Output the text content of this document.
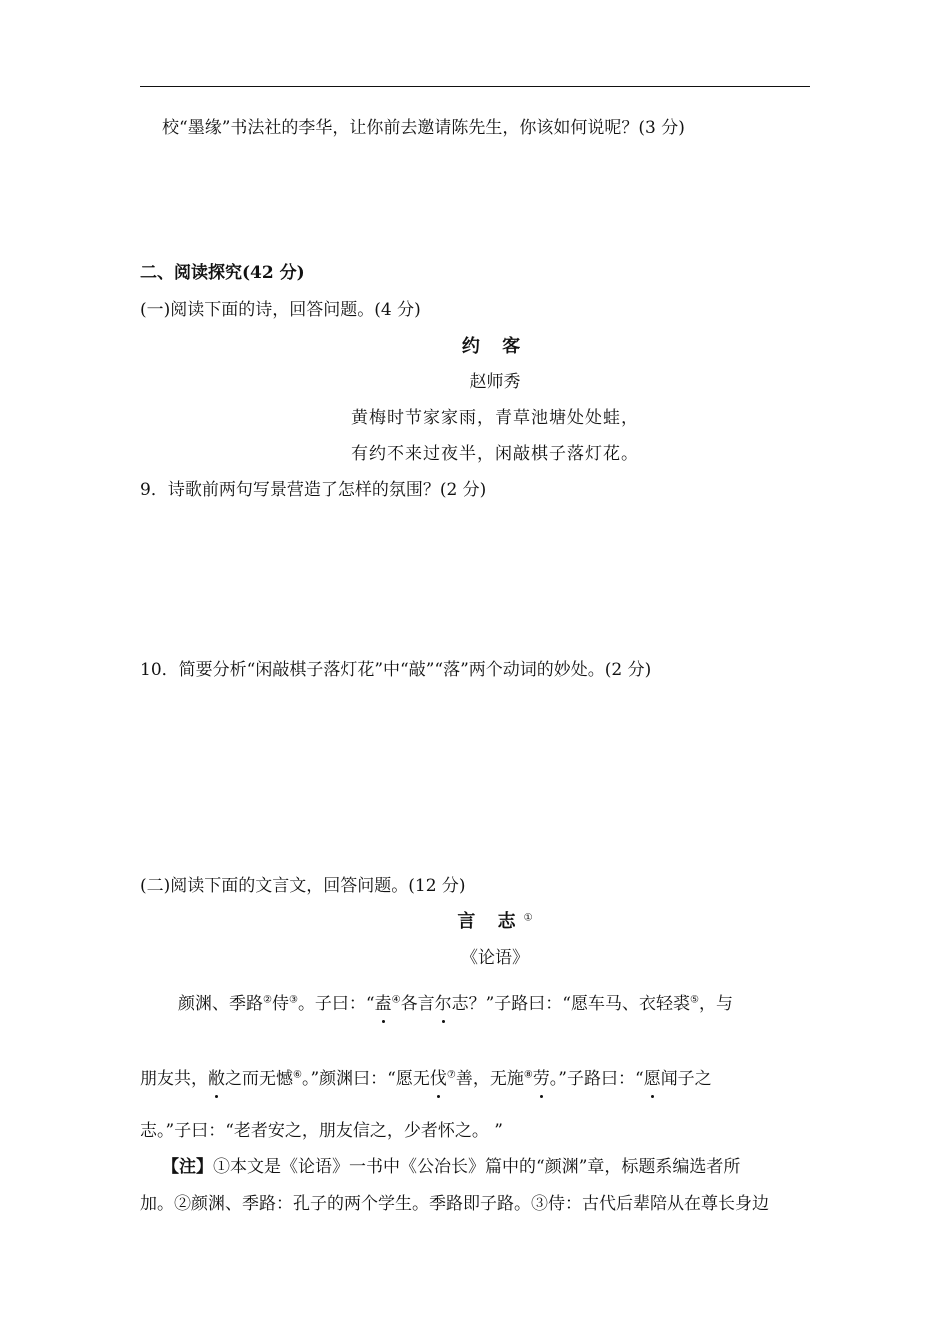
校“墨缘”书法社的李华，让你前去邀请陈先生，你该如何说呢？(3 分)
二、阅读探究(42 分)
(一)阅读下面的诗，回答问题。(4 分)
约 客
赵师秀
黄梅时节家家雨，青草池塘处处蛙，
有约不来过夜半，闲敲棋子落灯花。
9．诗歌前两句写景营造了怎样的氛围？(2 分)
10．简要分析“闲敲棋子落灯花”中“敲”“落”两个动词的妙处。(2 分)
(二)阅读下面的文言文，回答问题。(12 分)
言 志①
《论语》
颜渊、季路②侍③。子曰：“盍④各言尔志？”子路曰：“愿车马、衣轻裘⑤，与
朋友共，敝之而无憾⑥。”颜渊曰：“愿无伐⑦善，无施⑧劳。”子路曰：“愿闻子之
志。”子曰：“老者安之，朋友信之，少者怀之。 ”
【注】①本文是《论语》一书中《公冶长》篇中的“颜渊”章，标题系编选者所
加。②颜渊、季路：孔子的两个学生。季路即子路。③侍：古代后辈陪从在尊长身边
